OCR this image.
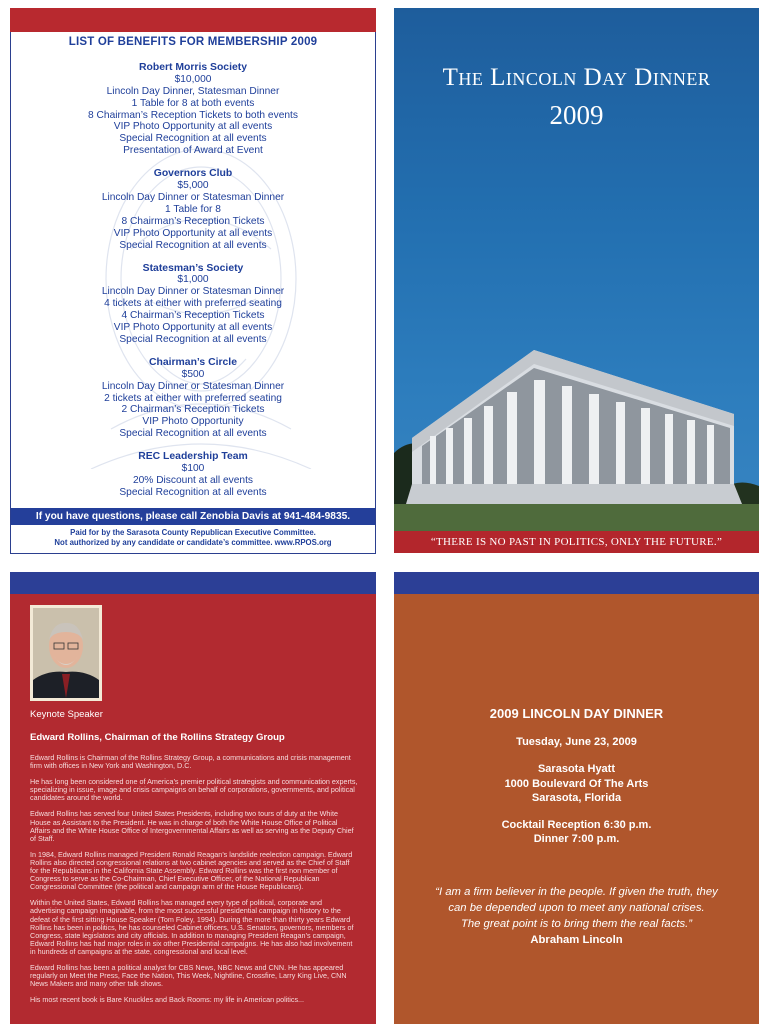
LIST OF BENEFITS FOR MEMBERSHIP 2009
Robert Morris Society
$10,000
Lincoln Day Dinner, Statesman Dinner
1 Table for 8 at both events
8 Chairman’s Reception Tickets to both events
VIP Photo Opportunity at all events
Special Recognition at all events
Presentation of Award at Event
Governors Club
$5,000
Lincoln Day Dinner or Statesman Dinner
1 Table for 8
8 Chairman’s Reception Tickets
VIP Photo Opportunity at all events
Special Recognition at all events
Statesman’s Society
$1,000
Lincoln Day Dinner or Statesman Dinner
4 tickets at either with preferred seating
4 Chairman’s Reception Tickets
VIP Photo Opportunity at all events
Special Recognition at all events
Chairman’s Circle
$500
Lincoln Day Dinner or Statesman Dinner
2 tickets at either with preferred seating
2 Chairman’s Reception Tickets
VIP Photo Opportunity
Special Recognition at all events
REC Leadership Team
$100
20% Discount at all events
Special Recognition at all events
If you have questions, please call Zenobia Davis at 941-484-9835.
Paid for by the Sarasota County Republican Executive Committee.
Not authorized by any candidate or candidate’s committee. www.RPOS.org
The Lincoln Day Dinner
2009
“THERE IS NO PAST IN POLITICS, ONLY THE FUTURE.”
Keynote Speaker
Edward Rollins, Chairman of the Rollins Strategy Group

Edward Rollins is Chairman of the Rollins Strategy Group, a communications and crisis management firm with offices in New York and Washington, D.C.

He has long been considered one of America’s premier political strategists and communication experts, specializing in issue, image and crisis campaigns on behalf of corporations, governments, and political candidates around the world.

Edward Rollins has served four United States Presidents, including two tours of duty at the White House as Assistant to the President. He was in charge of both the White House Office of Political Affairs and the White House Office of Intergovernmental Affairs as well as serving as the Deputy Chief of Staff.

In 1984, Edward Rollins managed President Ronald Reagan’s landslide reelection campaign. Edward Rollins also directed congressional relations at two cabinet agencies and served as the Chief of Staff for the Republicans in the California State Assembly. Edward Rollins was the first non member of Congress to serve as the Co-Chairman, Chief Executive Officer, of the National Republican Congressional Committee (the political and campaign arm of the House Republicans).

Within the United States, Edward Rollins has managed every type of political, corporate and advertising campaign imaginable, from the most successful presidential campaign in history to the defeat of the first sitting House Speaker (Tom Foley, 1994). During the more than thirty years Edward Rollins has been in politics, he has counseled Cabinet officers, U.S. Senators, governors, members of Congress, state legislators and city officials. In addition to managing President Reagan’s campaign, Edward Rollins has had major roles in six other Presidential campaigns. He has also had involvement in hundreds of campaigns at the state, congressional and local level.

Edward Rollins has been a political analyst for CBS News, NBC News and CNN. He has appeared regularly on Meet the Press, Face the Nation, This Week, Nightline, Crossfire, Larry King Live, CNN News Makers and many other talk shows.

His most recent book is Bare Knuckles and Back Rooms: my life in American politics...

2009 LINCOLN DAY DINNER
Tuesday, June 23, 2009
Sarasota Hyatt
1000 Boulevard Of The Arts
Sarasota, Florida
Cocktail Reception 6:30 p.m.
Dinner 7:00 p.m.
“I am a firm believer in the people. If given the truth, they
can be depended upon to meet any national crises.
The great point is to bring them the real facts.”
Abraham Lincoln
